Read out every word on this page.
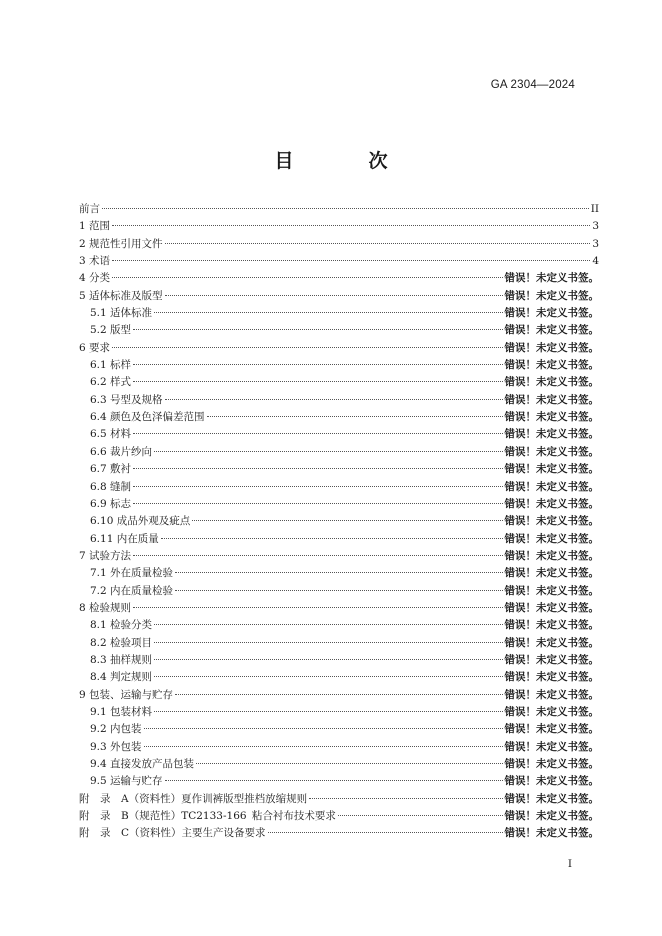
GA 2304—2024
目　次
前言	II
1 范围	3
2 规范性引用文件	3
3 术语	4
4 分类	错误！未定义书签。
5 适体标准及版型	错误！未定义书签。
5.1 适体标准	错误！未定义书签。
5.2 版型	错误！未定义书签。
6 要求	错误！未定义书签。
6.1 标样	错误！未定义书签。
6.2 样式	错误！未定义书签。
6.3 号型及规格	错误！未定义书签。
6.4 颜色及色泽偏差范围	错误！未定义书签。
6.5 材料	错误！未定义书签。
6.6 裁片纱向	错误！未定义书签。
6.7 敷衬	错误！未定义书签。
6.8 缝制	错误！未定义书签。
6.9 标志	错误！未定义书签。
6.10 成品外观及疵点	错误！未定义书签。
6.11 内在质量	错误！未定义书签。
7 试验方法	错误！未定义书签。
7.1 外在质量检验	错误！未定义书签。
7.2 内在质量检验	错误！未定义书签。
8 检验规则	错误！未定义书签。
8.1 检验分类	错误！未定义书签。
8.2 检验项目	错误！未定义书签。
8.3 抽样规则	错误！未定义书签。
8.4 判定规则	错误！未定义书签。
9 包装、运输与贮存	错误！未定义书签。
9.1 包装材料	错误！未定义书签。
9.2 内包装	错误！未定义书签。
9.3 外包装	错误！未定义书签。
9.4 直接发放产品包装	错误！未定义书签。
9.5 运输与贮存	错误！未定义书签。
附　录　A（资料性）夏作训裤版型推档放缩规则	错误！未定义书签。
附　录　B（规范性）TC2133-166 粘合衬布技术要求	错误！未定义书签。
附　录　C（资料性）主要生产设备要求	错误！未定义书签。
I
